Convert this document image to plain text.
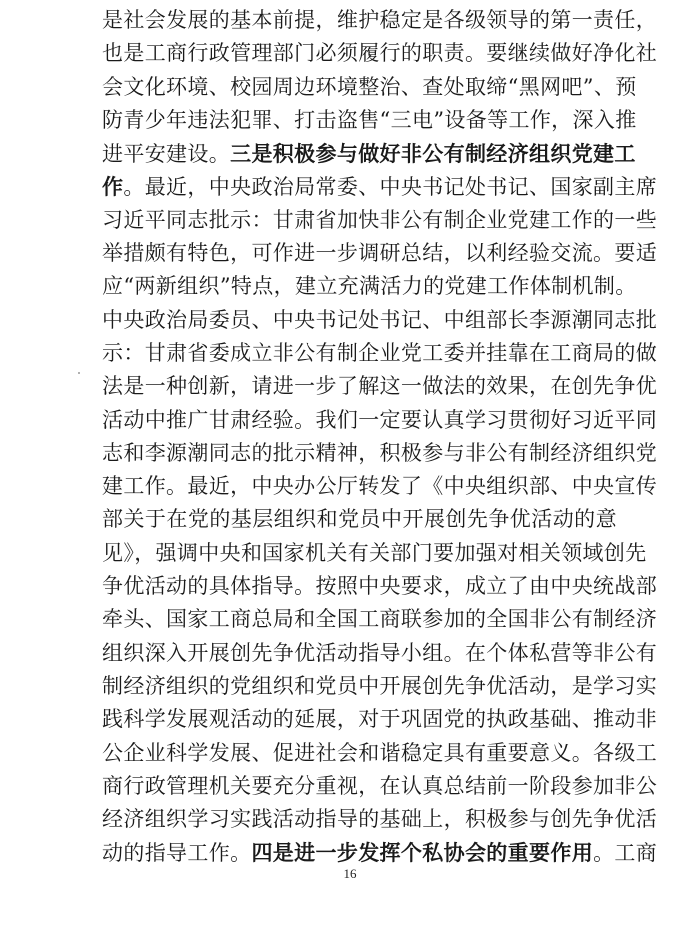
是社会发展的基本前提，维护稳定是各级领导的第一责任，
也是工商行政管理部门必须履行的职责。要继续做好净化社
会文化环境、校园周边环境整治、查处取缔“黑网吧”、预
防青少年违法犯罪、打击盗售“三电”设备等工作，深入推
进平安建设。三是积极参与做好非公有制经济组织党建工
作。最近，中央政治局常委、中央书记处书记、国家副主席
习近平同志批示：甘肃省加快非公有制企业党建工作的一些
举措颇有特色，可作进一步调研总结，以利经验交流。要适
应“两新组织”特点，建立充满活力的党建工作体制机制。
中央政治局委员、中央书记处书记、中组部长李源潮同志批
示：甘肃省委成立非公有制企业党工委并挂靠在工商局的做
法是一种创新，请进一步了解这一做法的效果，在创先争优
活动中推广甘肃经验。我们一定要认真学习贯彻好习近平同
志和李源潮同志的批示精神，积极参与非公有制经济组织党
建工作。最近，中央办公厅转发了《中央组织部、中央宣传
部关于在党的基层组织和党员中开展创先争优活动的意
见》，强调中央和国家机关有关部门要加强对相关领域创先
争优活动的具体指导。按照中央要求，成立了由中央统战部
牵头、国家工商总局和全国工商联参加的全国非公有制经济
组织深入开展创先争优活动指导小组。在个体私营等非公有
制经济组织的党组织和党员中开展创先争优活动，是学习实
践科学发展观活动的延展，对于巩固党的执政基础、推动非
公企业科学发展、促进社会和谐稳定具有重要意义。各级工
商行政管理机关要充分重视，在认真总结前一阶段参加非公
经济组织学习实践活动指导的基础上，积极参与创先争优活
动的指导工作。四是进一步发挥个私协会的重要作用。工商
16
